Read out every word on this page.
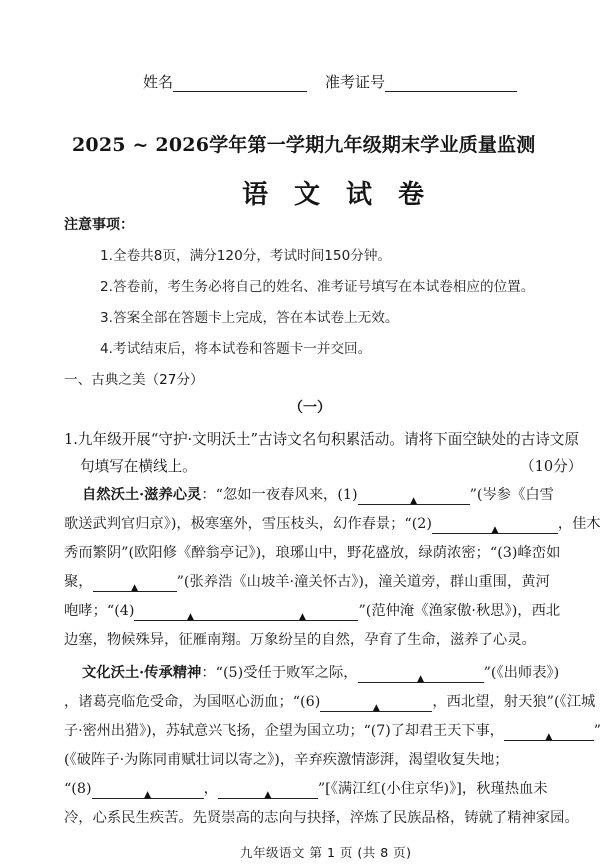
姓名	准考证号
2025 ~ 2026学年第一学期九年级期末学业质量监测
语文试卷
注意事项：
1.全卷共8页，满分120分，考试时间150分钟。
2.答卷前，考生务必将自己的姓名、准考证号填写在本试卷相应的位置。
3.答案全部在答题卡上完成，答在本试卷上无效。
4.考试结束后，将本试卷和答题卡一并交回。
一、古典之美（27分）
（一）
1.九年级开展“守护·文明沃土”古诗文名句积累活动。请将下面空缺处的古诗文原
句填写在横线上。	（10分）
自然沃土·滋养心灵：“忽如一夜春风来，(1)	▲	”(岑参《白雪
歌送武判官归京》)，极寒塞外，雪压枝头，幻作春景；“(2)	▲	，佳木
秀而繁阴”(欧阳修《醉翁亭记》)，琅琊山中，野花盛放，绿荫浓密；“(3)峰峦如
聚，	▲	”(张养浩《山坡羊·潼关怀古》)，潼关道旁，群山重围，黄河
咆哮；“(4)	▲	▲	”(范仲淹《渔家傲·秋思》)，西北
边塞，物候殊异，征雁南翔。万象纷呈的自然，孕育了生命，滋养了心灵。
文化沃土·传承精神：“(5)受任于败军之际，	▲	”(《出师表》)
，诸葛亮临危受命，为国呕心沥血；“(6)	▲	，西北望，射天狼”(《江城
子·密州出猎》)，苏轼意兴飞扬，企望为国立功；“(7)了却君王天下事，	▲	”
(《破阵子·为陈同甫赋壮词以寄之》)，辛弃疾激情澎湃，渴望收复失地；
“(8)	▲	，	▲	”[《满江红(小住京华)》]，秋瑾热血未
冷，心系民生疾苦。先贤崇高的志向与抉择，淬炼了民族品格，铸就了精神家园。
九年级语文 第 1 页 (共 8 页)
